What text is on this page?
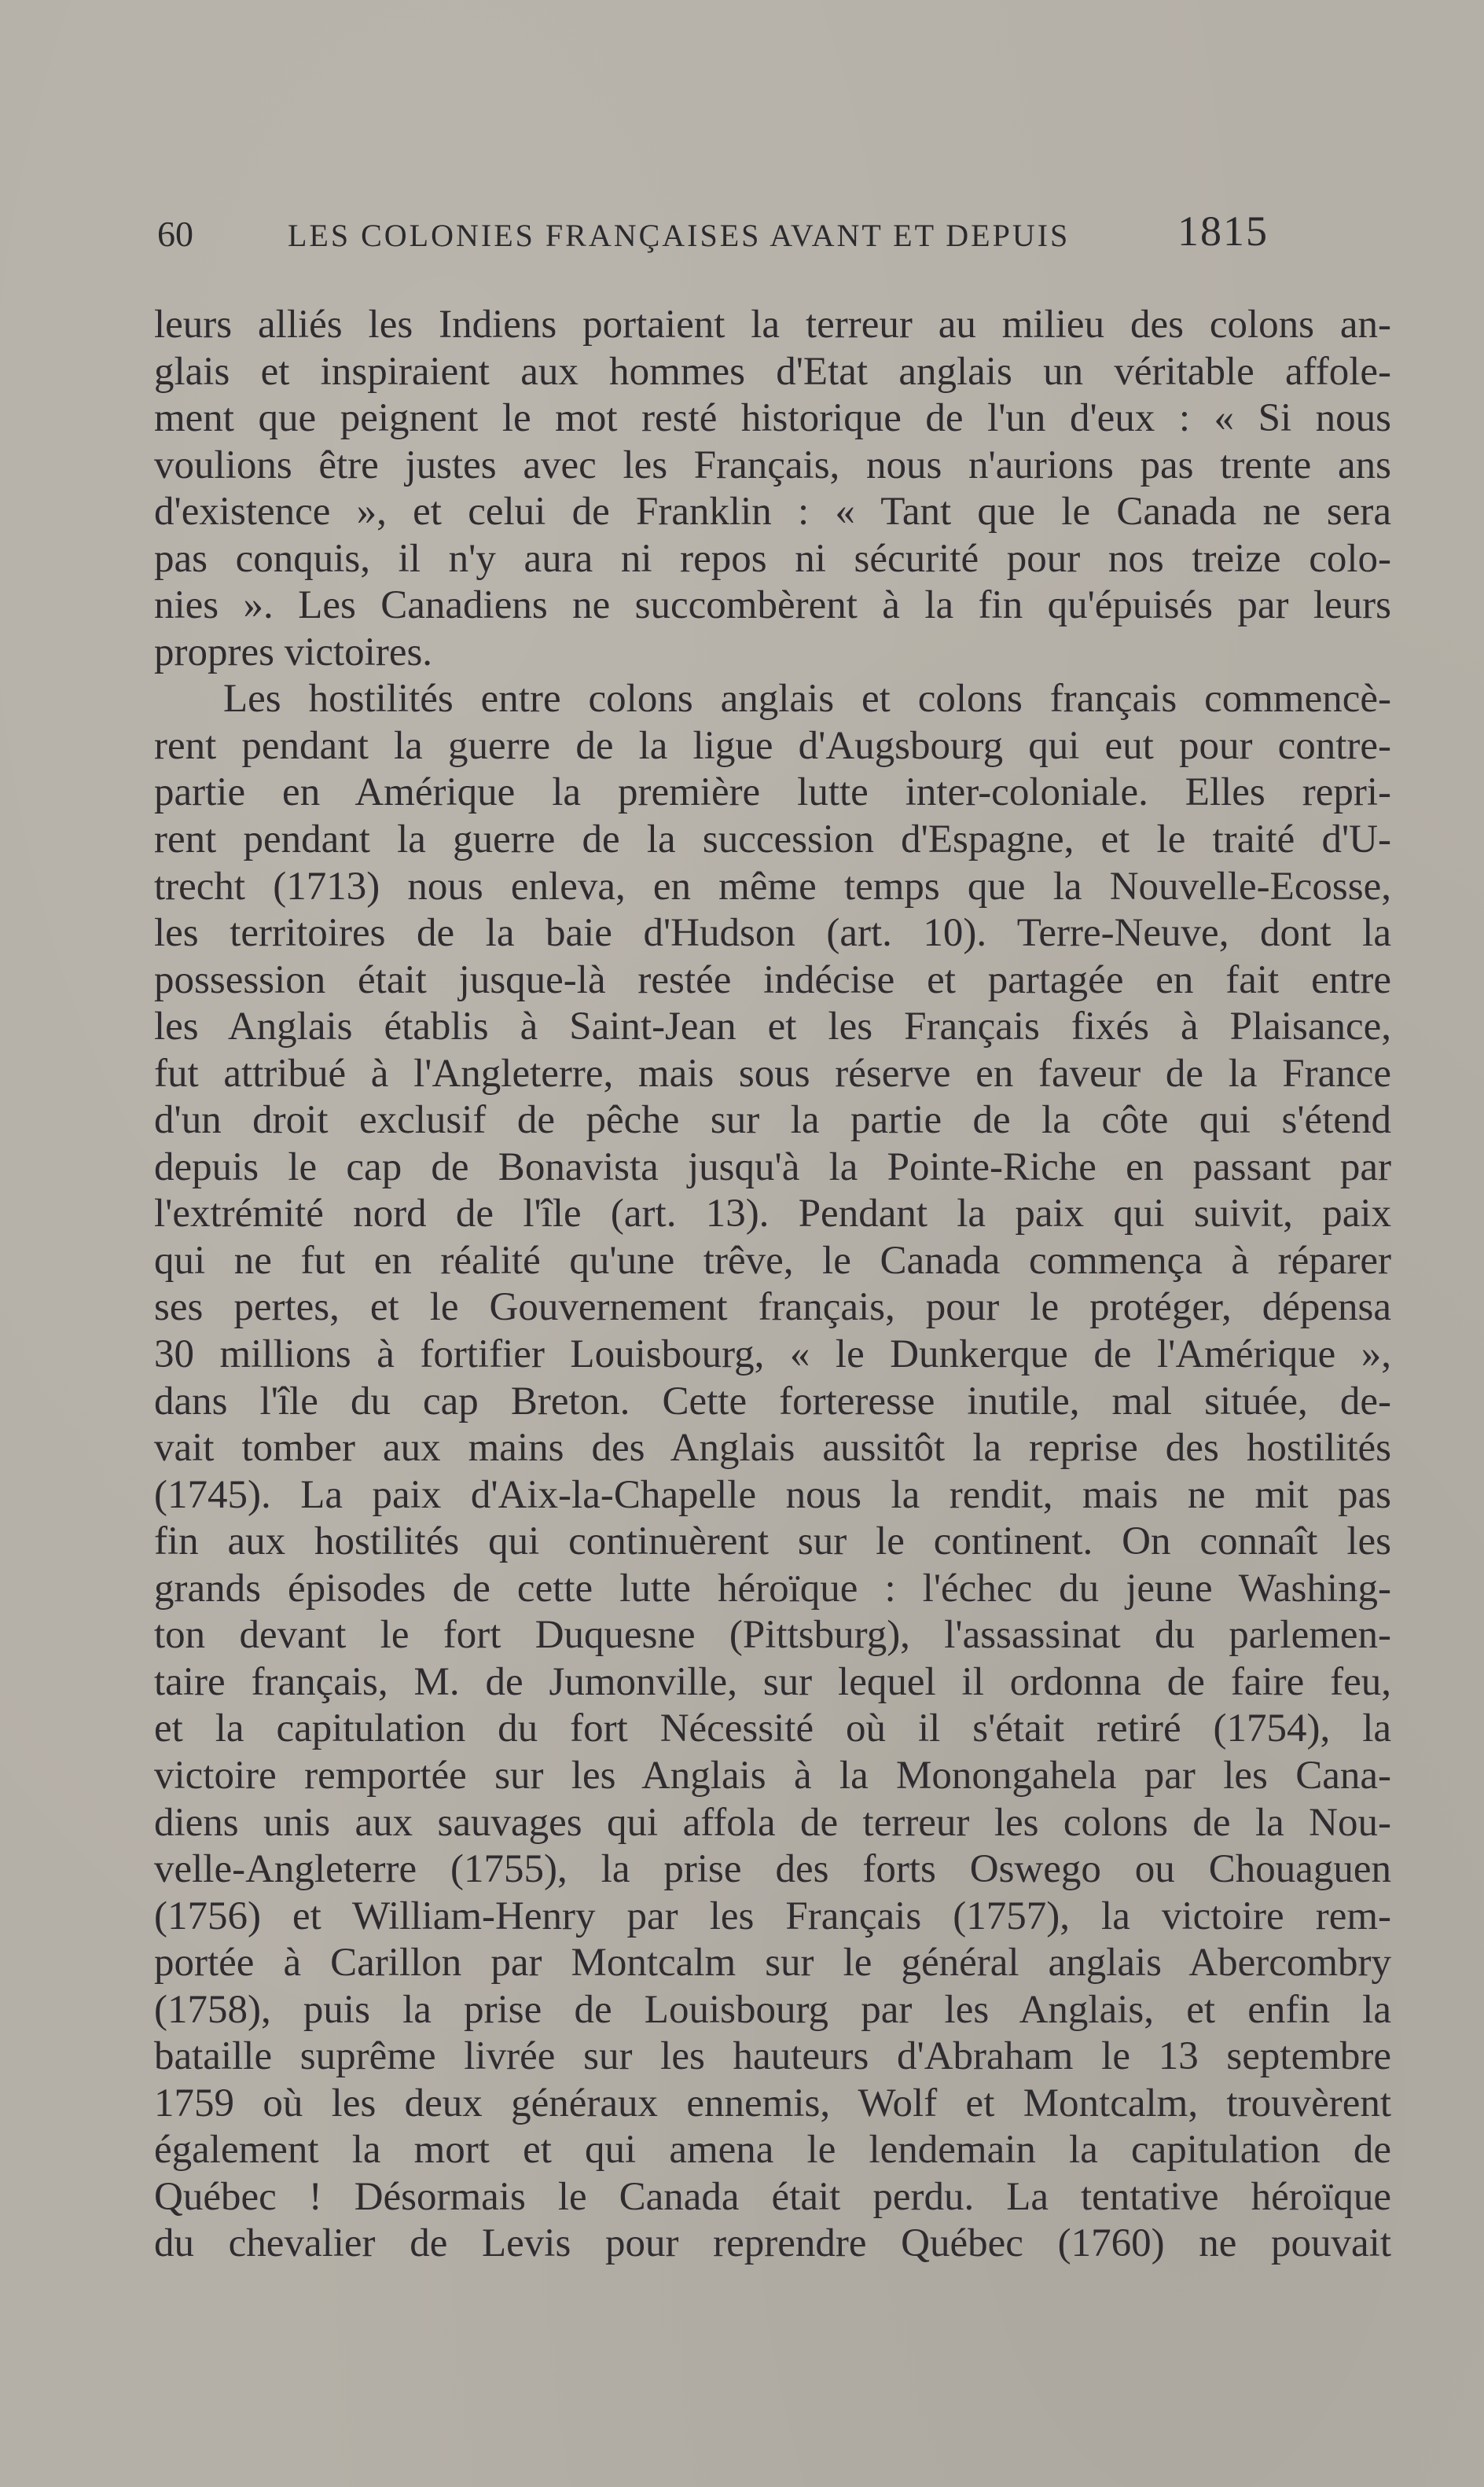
60	LES COLONIES FRANÇAISES AVANT ET DEPUIS	1815
leurs alliés les Indiens portaient la terreur au milieu des colons an-
glais et inspiraient aux hommes d'Etat anglais un véritable affole-
ment que peignent le mot resté historique de l'un d'eux : « Si nous
voulions être justes avec les Français, nous n'aurions pas trente ans
d'existence », et celui de Franklin : « Tant que le Canada ne sera
pas conquis, il n'y aura ni repos ni sécurité pour nos treize colo-
nies ». Les Canadiens ne succombèrent à la fin qu'épuisés par leurs
propres victoires.
Les hostilités entre colons anglais et colons français commencè-
rent pendant la guerre de la ligue d'Augsbourg qui eut pour contre-
partie en Amérique la première lutte inter-coloniale. Elles repri-
rent pendant la guerre de la succession d'Espagne, et le traité d'U-
trecht (1713) nous enleva, en même temps que la Nouvelle-Ecosse,
les territoires de la baie d'Hudson (art. 10). Terre-Neuve, dont la
possession était jusque-là restée indécise et partagée en fait entre
les Anglais établis à Saint-Jean et les Français fixés à Plaisance,
fut attribué à l'Angleterre, mais sous réserve en faveur de la France
d'un droit exclusif de pêche sur la partie de la côte qui s'étend
depuis le cap de Bonavista jusqu'à la Pointe-Riche en passant par
l'extrémité nord de l'île (art. 13). Pendant la paix qui suivit, paix
qui ne fut en réalité qu'une trêve, le Canada commença à réparer
ses pertes, et le Gouvernement français, pour le protéger, dépensa
30 millions à fortifier Louisbourg, « le Dunkerque de l'Amérique »,
dans l'île du cap Breton. Cette forteresse inutile, mal située, de-
vait tomber aux mains des Anglais aussitôt la reprise des hostilités
(1745). La paix d'Aix-la-Chapelle nous la rendit, mais ne mit pas
fin aux hostilités qui continuèrent sur le continent. On connaît les
grands épisodes de cette lutte héroïque : l'échec du jeune Washing-
ton devant le fort Duquesne (Pittsburg), l'assassinat du parlemen-
taire français, M. de Jumonville, sur lequel il ordonna de faire feu,
et la capitulation du fort Nécessité où il s'était retiré (1754), la
victoire remportée sur les Anglais à la Monongahela par les Cana-
diens unis aux sauvages qui affola de terreur les colons de la Nou-
velle-Angleterre (1755), la prise des forts Oswego ou Chouaguen
(1756) et William-Henry par les Français (1757), la victoire rem-
portée à Carillon par Montcalm sur le général anglais Abercombry
(1758), puis la prise de Louisbourg par les Anglais, et enfin la
bataille suprême livrée sur les hauteurs d'Abraham le 13 septembre
1759 où les deux généraux ennemis, Wolf et Montcalm, trouvèrent
également la mort et qui amena le lendemain la capitulation de
Québec ! Désormais le Canada était perdu. La tentative héroïque
du chevalier de Levis pour reprendre Québec (1760) ne pouvait
